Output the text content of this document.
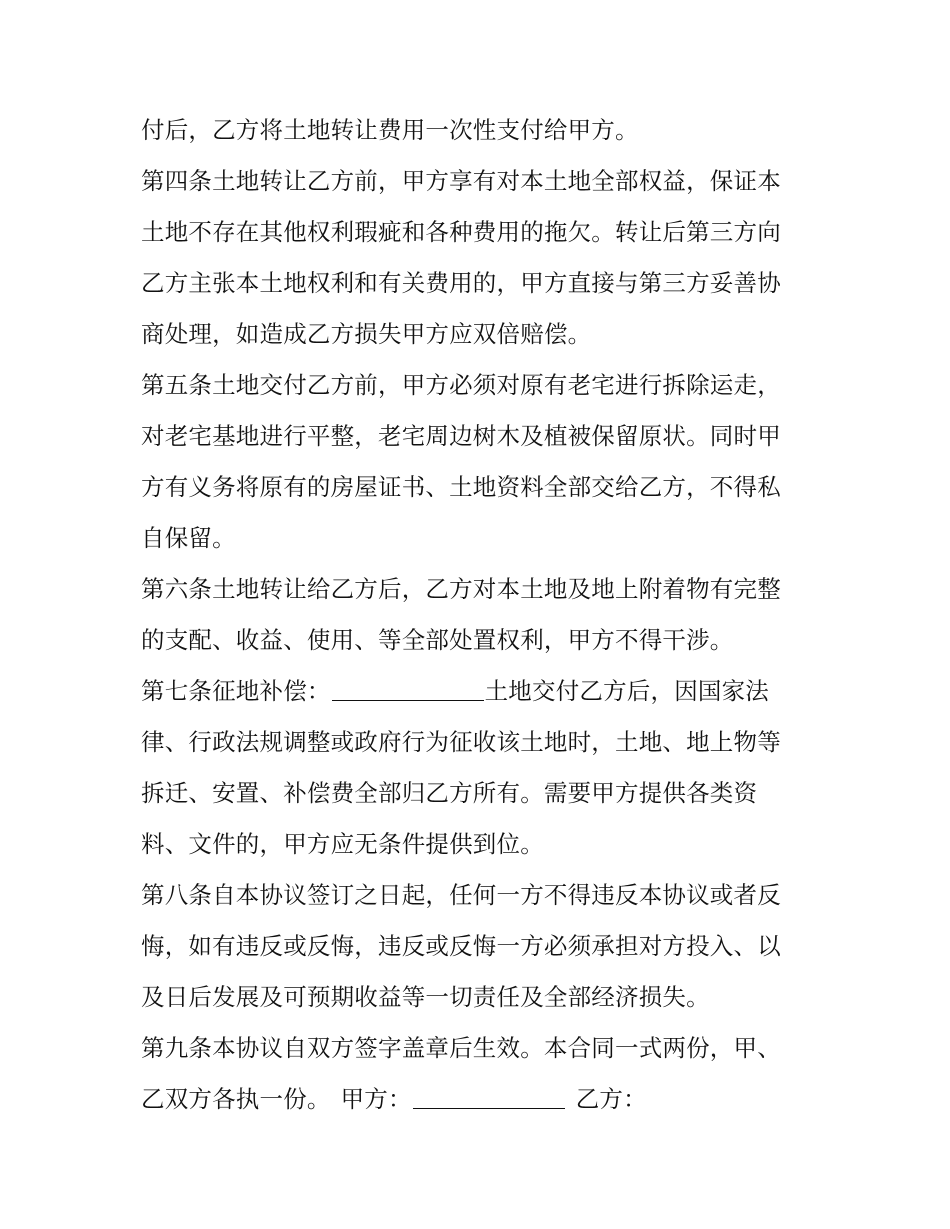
付后，乙方将土地转让费用一次性支付给甲方。
第四条土地转让乙方前，甲方享有对本土地全部权益，保证本
土地不存在其他权利瑕疵和各种费用的拖欠。转让后第三方向
乙方主张本土地权利和有关费用的，甲方直接与第三方妥善协
商处理，如造成乙方损失甲方应双倍赔偿。
第五条土地交付乙方前，甲方必须对原有老宅进行拆除运走，
对老宅基地进行平整，老宅周边树木及植被保留原状。同时甲
方有义务将原有的房屋证书、土地资料全部交给乙方，不得私
自保留。
第六条土地转让给乙方后，乙方对本土地及地上附着物有完整
的支配、收益、使用、等全部处置权利，甲方不得干涉。
第七条征地补偿：	土地交付乙方后，因国家法
律、行政法规调整或政府行为征收该土地时，土地、地上物等
拆迁、安置、补偿费全部归乙方所有。需要甲方提供各类资
料、文件的，甲方应无条件提供到位。
第八条自本协议签订之日起，任何一方不得违反本协议或者反
悔，如有违反或反悔，违反或反悔一方必须承担对方投入、以
及日后发展及可预期收益等一切责任及全部经济损失。
第九条本协议自双方签字盖章后生效。本合同一式两份，甲、
乙双方各执一份。 甲方：	乙方：
